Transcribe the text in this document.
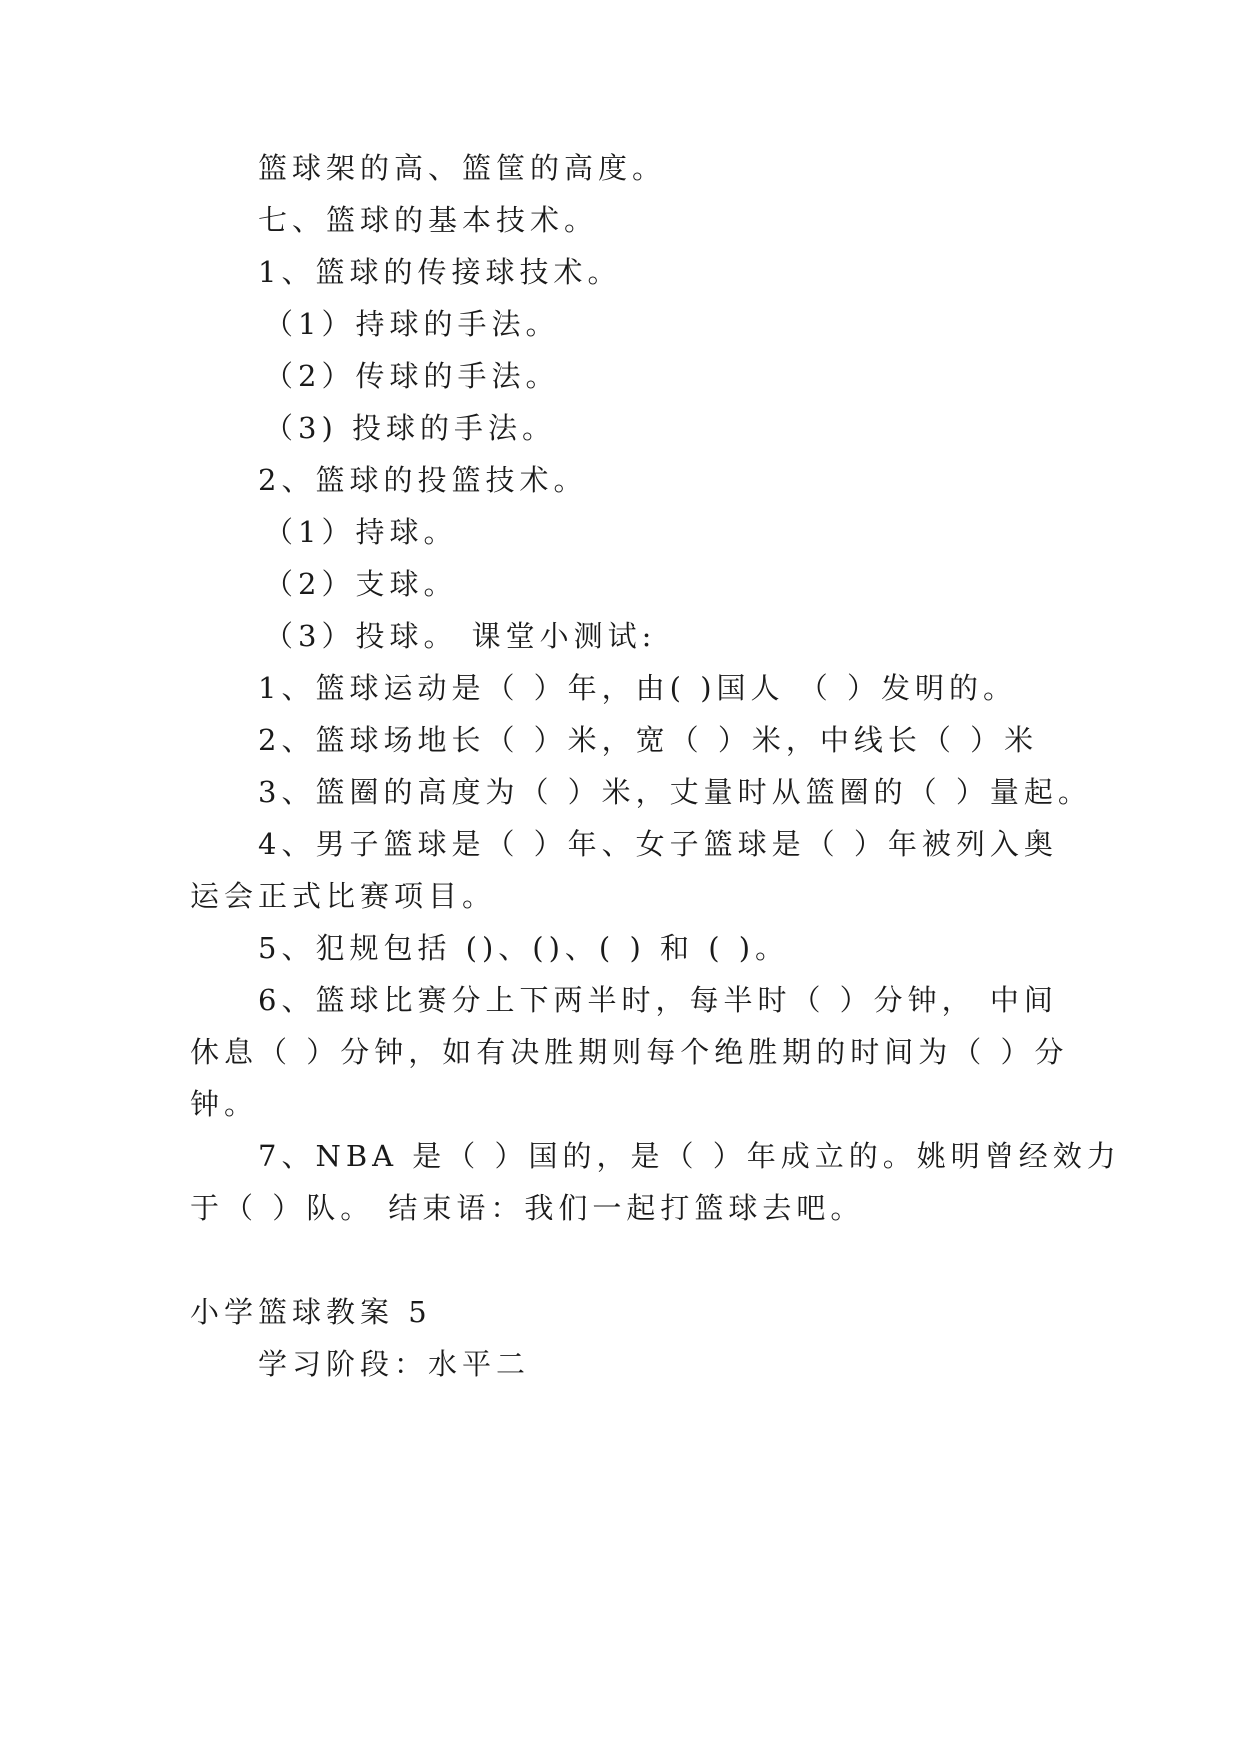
篮球架的高、篮筐的高度。
七、篮球的基本技术。
1、篮球的传接球技术。
（1）持球的手法。
（2）传球的手法。
（3) 投球的手法。
2、篮球的投篮技术。
（1）持球。
（2）支球。
（3）投球。 课堂小测试:
1、篮球运动是（ ）年，由( )国人 （ ）发明的。
2、篮球场地长（ ）米，宽（ ）米，中线长（ ）米
3、篮圈的高度为（ ）米，丈量时从篮圈的（ ）量起。
4、男子篮球是（ ）年、女子篮球是（ ）年被列入奥
运会正式比赛项目。
5、犯规包括 ()、()、( ) 和 ( )。
6、篮球比赛分上下两半时，每半时（ ）分钟， 中间
休息（ ）分钟，如有决胜期则每个绝胜期的时间为（ ）分
钟。
7、NBA 是（ ）国的，是（ ）年成立的。姚明曾经效力
于（ ）队。 结束语：我们一起打篮球去吧。
小学篮球教案 5
学习阶段：水平二
